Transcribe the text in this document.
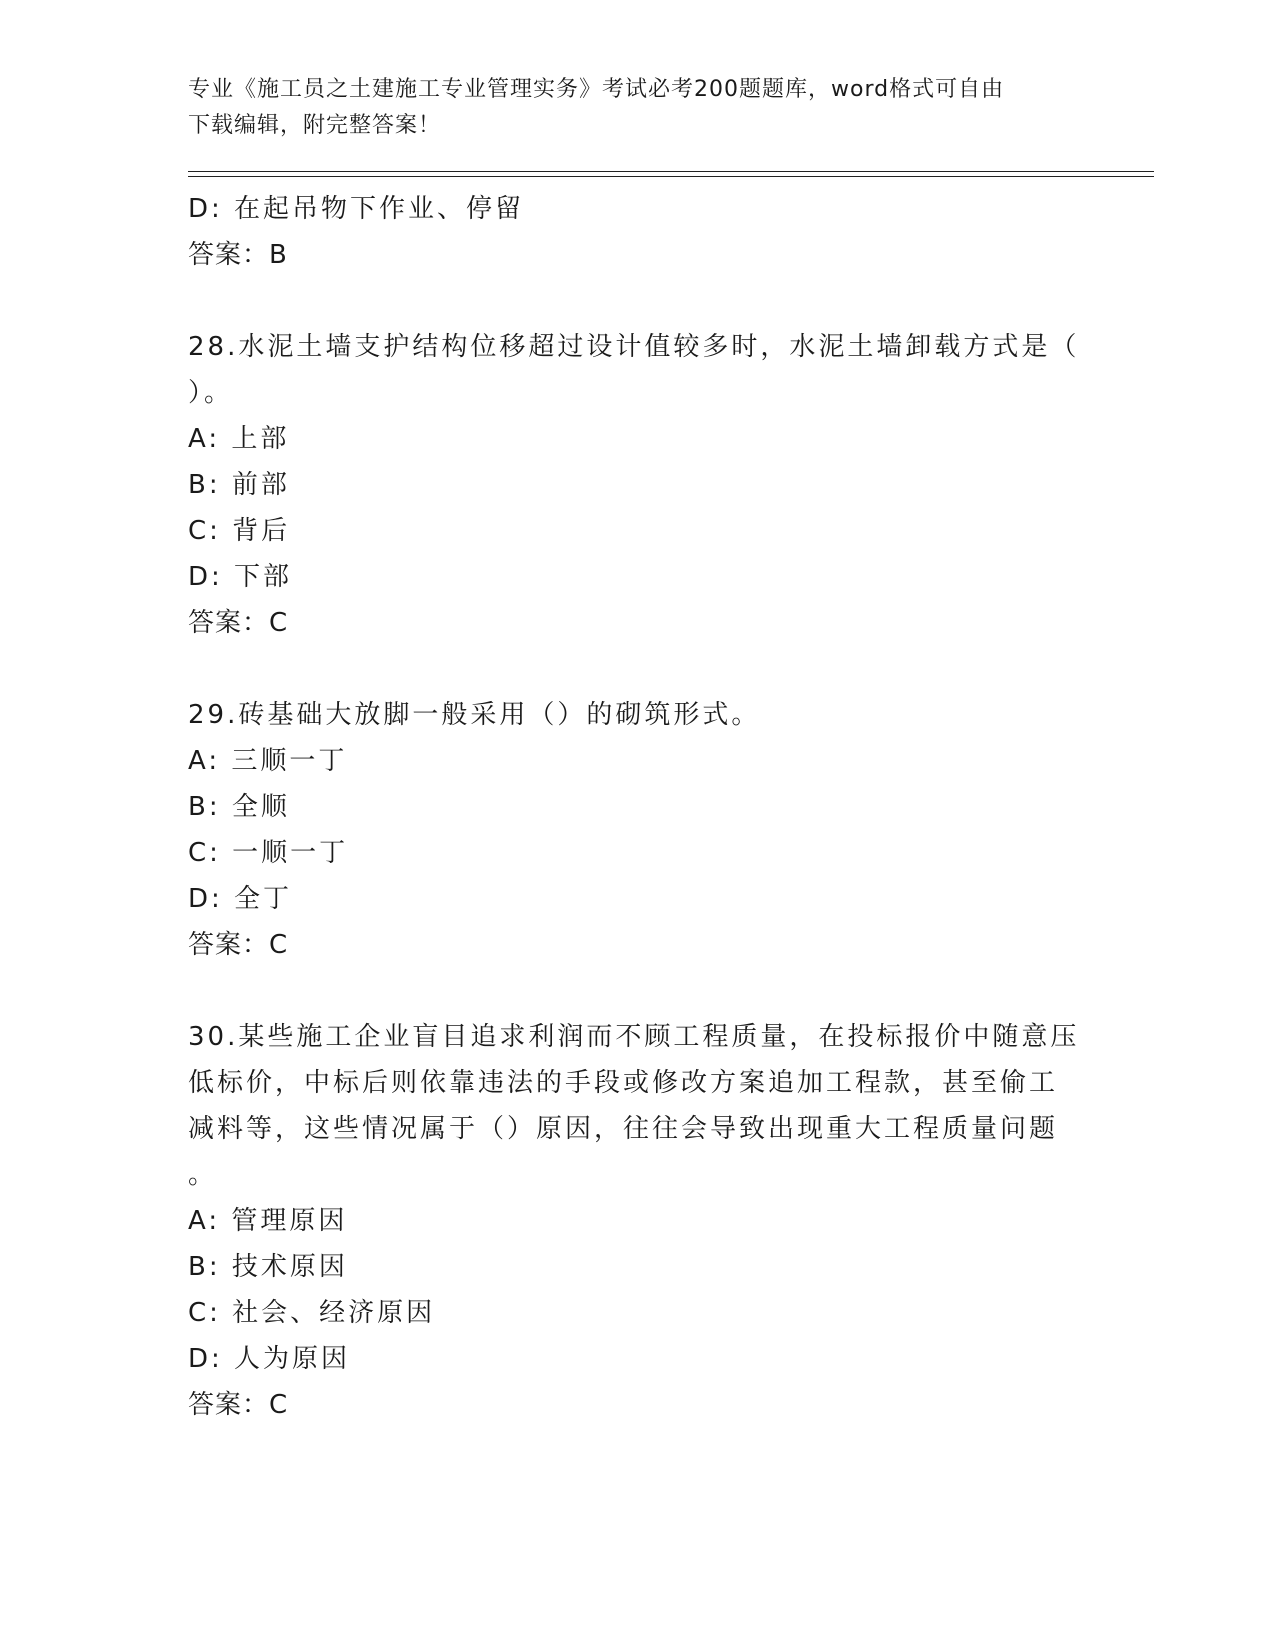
专业《施工员之土建施工专业管理实务》考试必考200题题库，word格式可自由
下载编辑，附完整答案！
D: 在起吊物下作业、停留
答案：B
28.水泥土墙支护结构位移超过设计值较多时，水泥土墙卸载方式是（
）。
A: 上部
B: 前部
C: 背后
D: 下部
答案：C
29.砖基础大放脚一般采用（）的砌筑形式。
A: 三顺一丁
B: 全顺
C: 一顺一丁
D: 全丁
答案：C
30.某些施工企业盲目追求利润而不顾工程质量，在投标报价中随意压
低标价，中标后则依靠违法的手段或修改方案追加工程款，甚至偷工
减料等，这些情况属于（）原因，往往会导致出现重大工程质量问题
。
A: 管理原因
B: 技术原因
C: 社会、经济原因
D: 人为原因
答案：C
